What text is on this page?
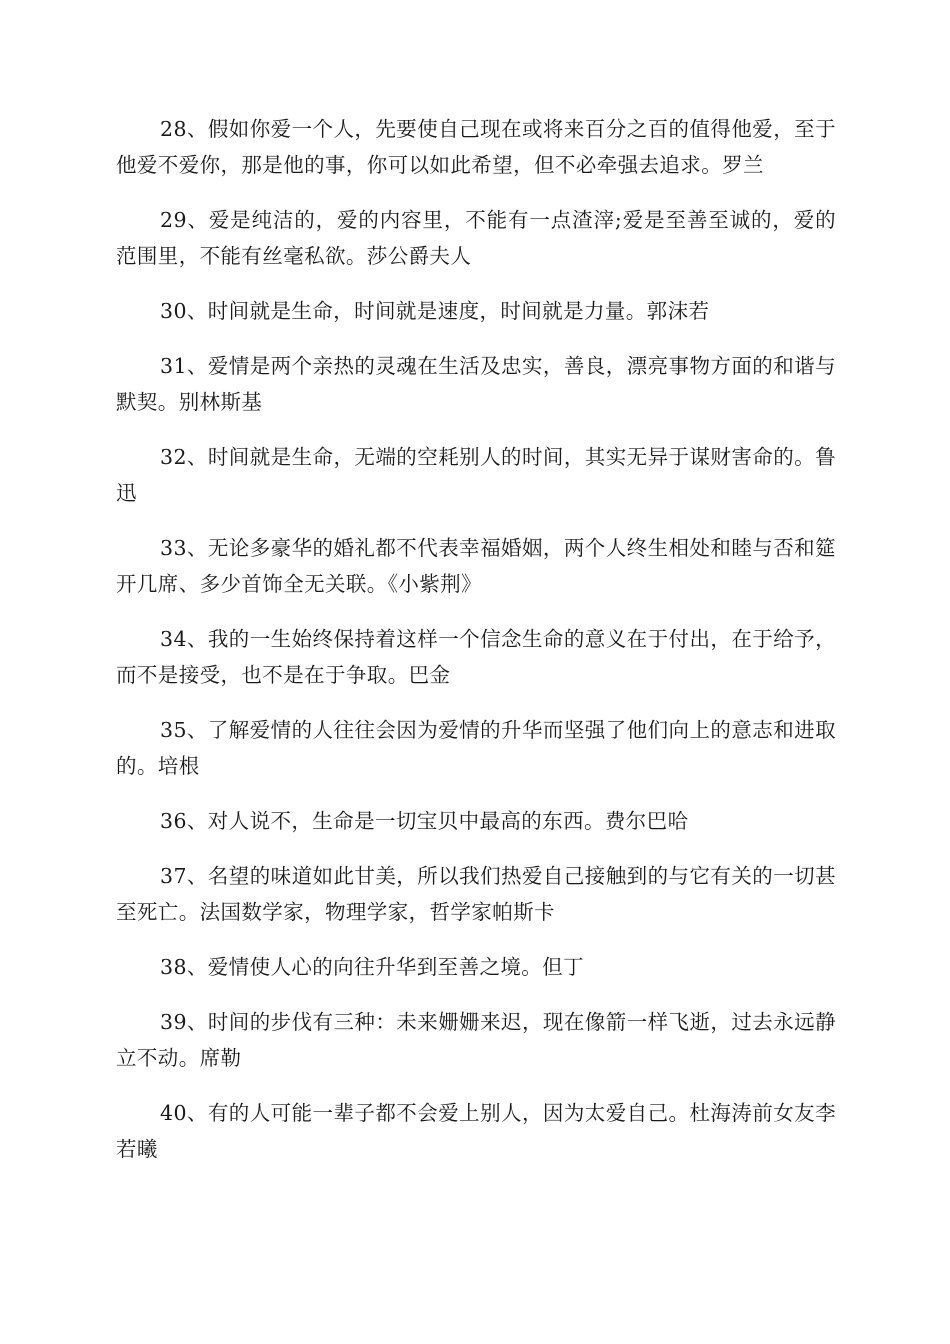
28、假如你爱一个人，先要使自己现在或将来百分之百的值得他爱，至于他爱不爱你，那是他的事，你可以如此希望，但不必牵强去追求。罗兰

29、爱是纯洁的，爱的内容里，不能有一点渣滓;爱是至善至诚的，爱的范围里，不能有丝毫私欲。莎公爵夫人

30、时间就是生命，时间就是速度，时间就是力量。郭沫若

31、爱情是两个亲热的灵魂在生活及忠实，善良，漂亮事物方面的和谐与默契。别林斯基

32、时间就是生命，无端的空耗别人的时间，其实无异于谋财害命的。鲁迅

33、无论多豪华的婚礼都不代表幸福婚姻，两个人终生相处和睦与否和筵开几席、多少首饰全无关联。《小紫荆》

34、我的一生始终保持着这样一个信念生命的意义在于付出，在于给予，而不是接受，也不是在于争取。巴金

35、了解爱情的人往往会因为爱情的升华而坚强了他们向上的意志和进取的。培根

36、对人说不，生命是一切宝贝中最高的东西。费尔巴哈

37、名望的味道如此甘美，所以我们热爱自己接触到的与它有关的一切甚至死亡。法国数学家，物理学家，哲学家帕斯卡

38、爱情使人心的向往升华到至善之境。但丁

39、时间的步伐有三种：未来姗姗来迟，现在像箭一样飞逝，过去永远静立不动。席勒

40、有的人可能一辈子都不会爱上别人，因为太爱自己。杜海涛前女友李若曦
